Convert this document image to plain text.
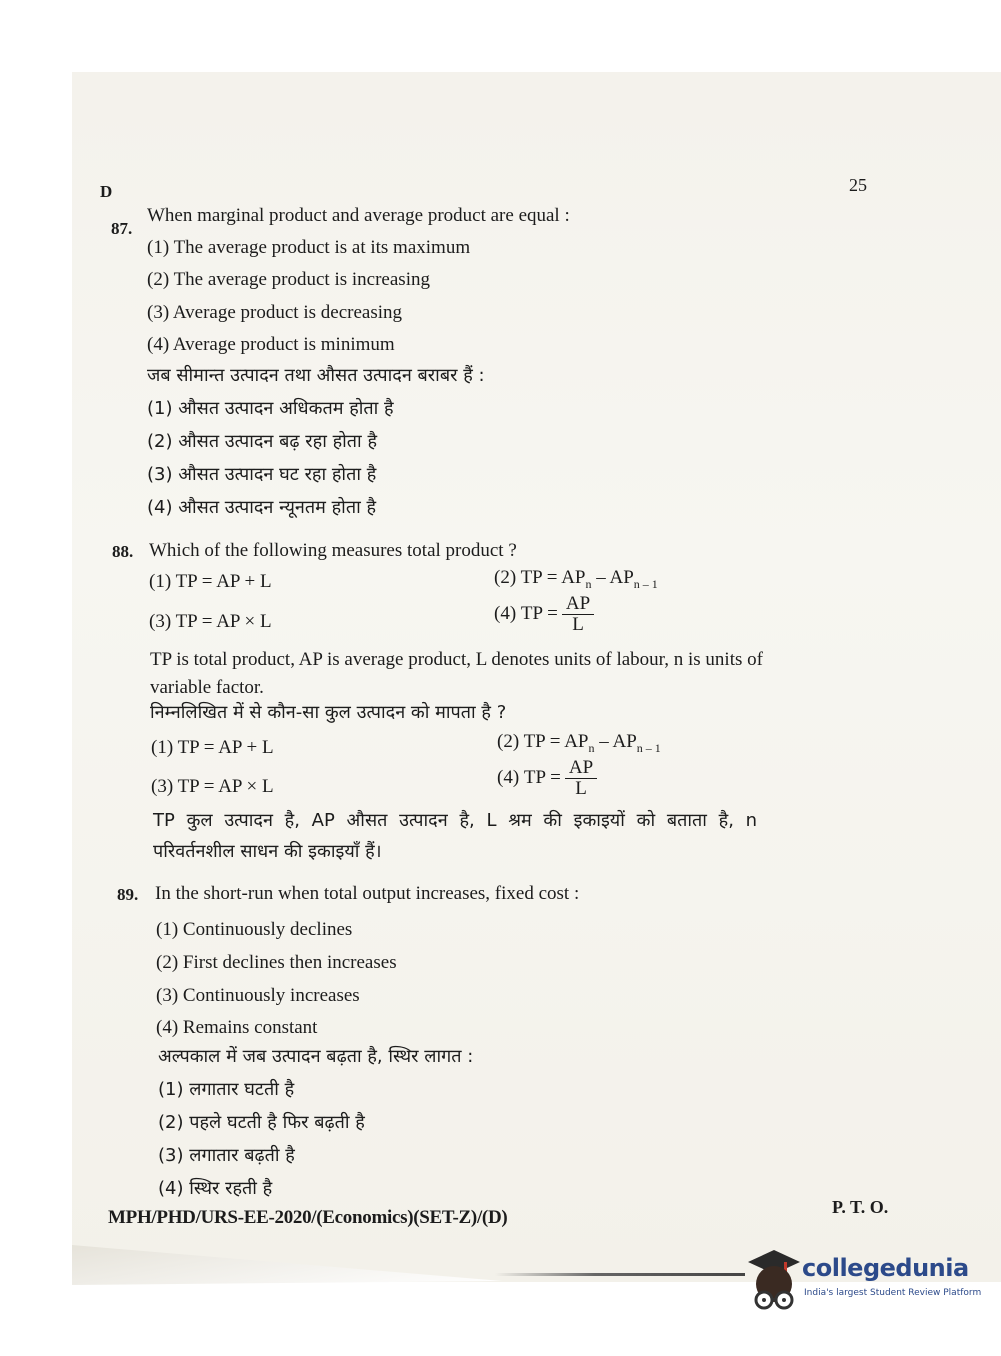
D	25
87.
When marginal product and average product are equal :
(1) The average product is at its maximum
(2) The average product is increasing
(3) Average product is decreasing
(4) Average product is minimum
जब सीमान्त उत्पादन तथा औसत उत्पादन बराबर हैं :
(1) औसत उत्पादन अधिकतम होता है
(2) औसत उत्पादन बढ़ रहा होता है
(3) औसत उत्पादन घट रहा होता है
(4) औसत उत्पादन न्यूनतम होता है
88. Which of the following measures total product ?
(1) TP = AP + L	(2) TP = $AP_n - AP_{n - 1}$
(3) TP = AP × L	(4)
TP = AP
L
TP is total product, AP is average product, L denotes units of labour, n is units of
variable factor.
निम्नलिखित में से कौन-सा कुल उत्पादन को मापता है ?
(1) TP = AP + L	(2) TP = $AP_n - AP_{n - 1}$
(3) TP = AP × L	(4)
TP = AP
L
TP कुल उत्पादन है, AP औसत उत्पादन है, L श्रम की इकाइयों को बताता है, n
परिवर्तनशील साधन की इकाइयाँ हैं।
89. In the short-run when total output increases, fixed cost :
(1) Continuously declines
(2) First declines then increases
(3) Continuously increases
(4) Remains constant
अल्पकाल में जब उत्पादन बढ़ता है, स्थिर लागत :
(1) लगातार घटती है
(2) पहले घटती है फिर बढ़ती है
(3) लगातार बढ़ती है
(4) स्थिर रहती है
MPH/PHD/URS-EE-2020/(Economics)(SET-Z)/(D)	P. T. O.
collegedunia
India's largest Student Review Platform
